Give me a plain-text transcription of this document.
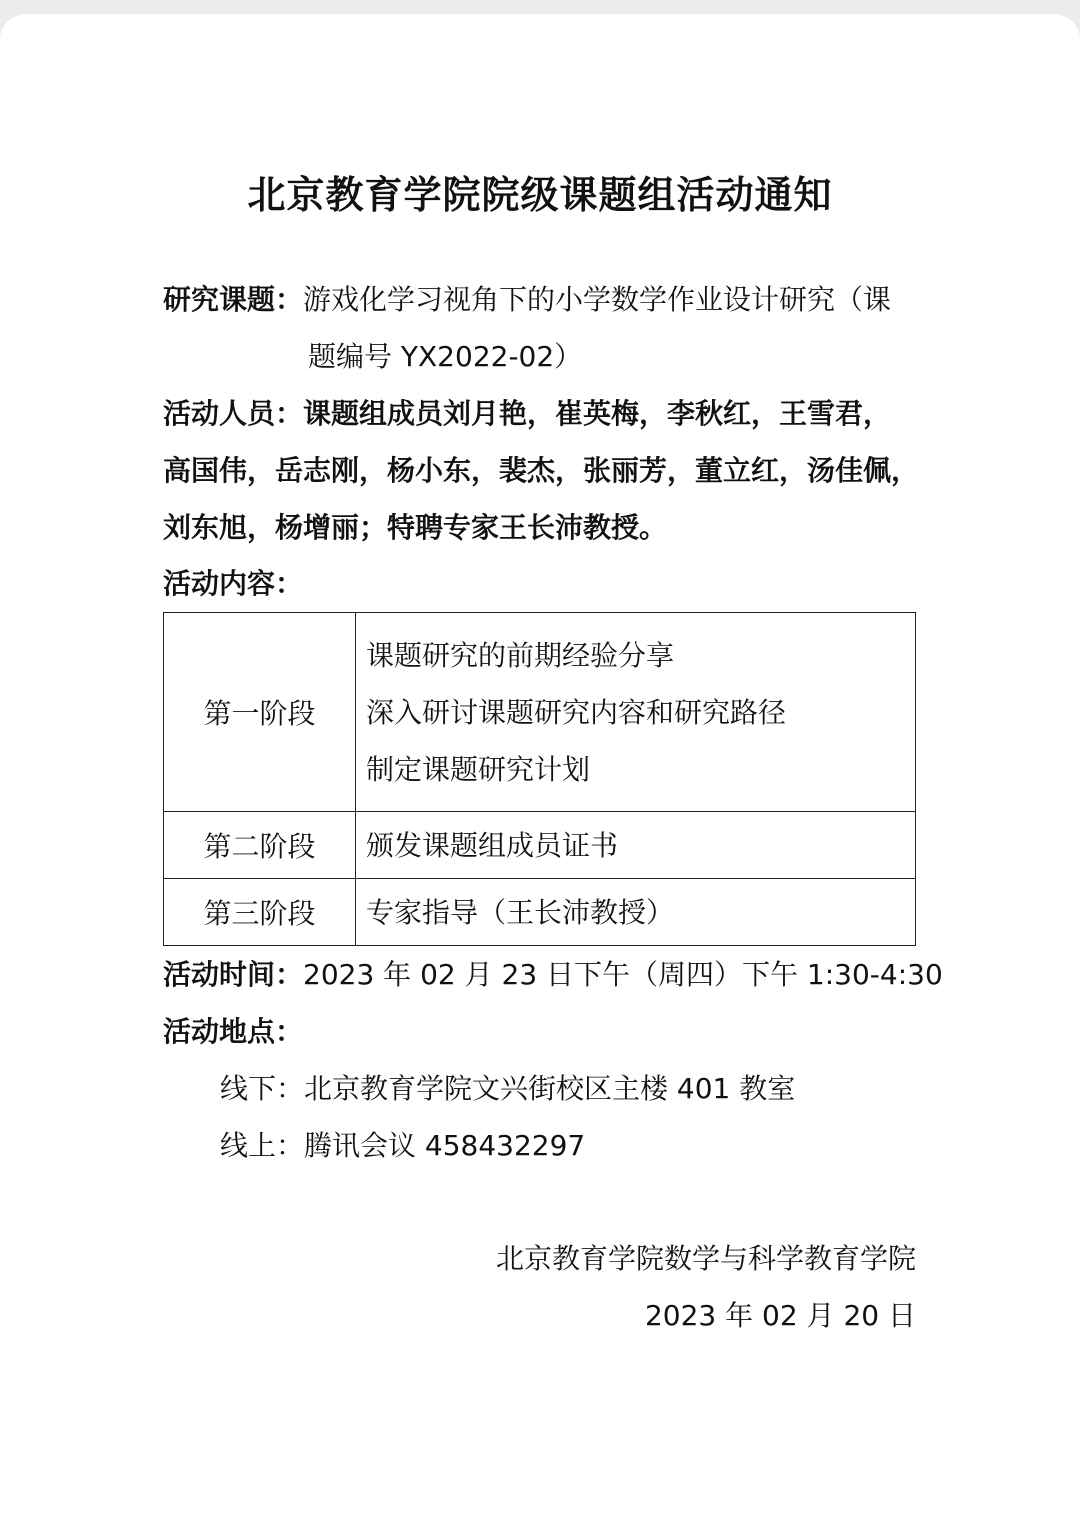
北京教育学院院级课题组活动通知
研究课题：游戏化学习视角下的小学数学作业设计研究（课
题编号 YX2022-02）
活动人员：课题组成员刘月艳，崔英梅，李秋红，王雪君，
高国伟，岳志刚，杨小东，裴杰，张丽芳，董立红，汤佳佩，
刘东旭，杨增丽；特聘专家王长沛教授。
活动内容：
第一阶段	课题研究的前期经验分享
深入研讨课题研究内容和研究路径
制定课题研究计划

第二阶段	颁发课题组成员证书

第三阶段	专家指导（王长沛教授）
活动时间：2023 年 02 月 23 日下午（周四）下午 1:30-4:30
活动地点：
线下：北京教育学院文兴街校区主楼 401 教室
线上：腾讯会议 458432297
北京教育学院数学与科学教育学院
2023 年 02 月 20 日
